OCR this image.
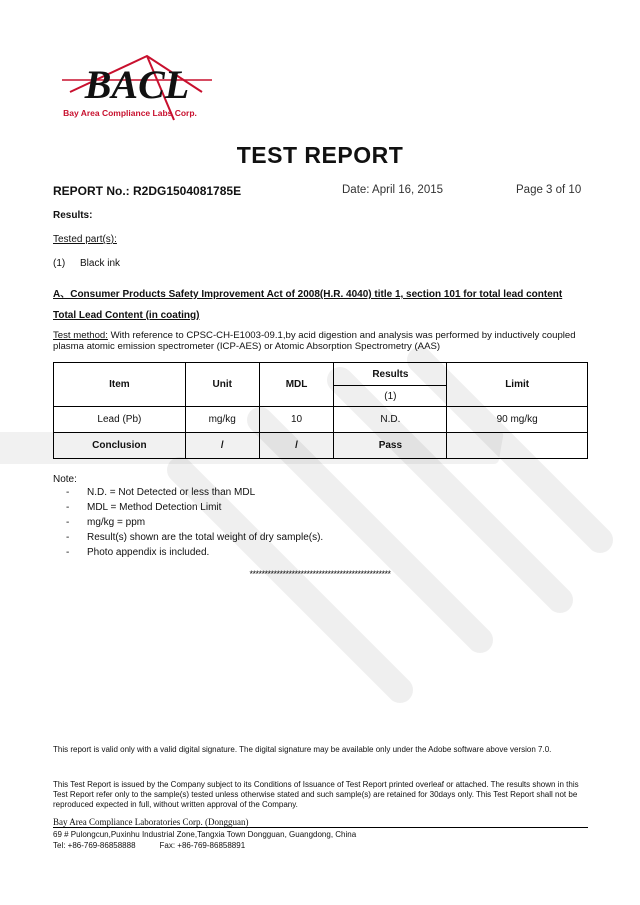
BACL
Bay Area Compliance Labs Corp.
TEST REPORT
REPORT No.: R2DG1504081785E	Date: April 16, 2015	Page 3 of 10
Results:
Tested part(s):
(1) Black ink
A、Consumer Products Safety Improvement Act of 2008(H.R. 4040) title 1, section 101 for total lead content
Total Lead Content (in coating)
Test method: With reference to CPSC-CH-E1003-09.1,by acid digestion and analysis was performed by inductively coupled plasma atomic emission spectrometer (ICP-AES) or Atomic Absorption Spectrometry (AAS)
Item	Unit	MDL	Results	Limit
			(1)	
Lead (Pb)	mg/kg	10	N.D.	90 mg/kg
Conclusion	/	/	Pass	
Note:
- N.D. = Not Detected or less than MDL
- MDL = Method Detection Limit
- mg/kg = ppm
- Result(s) shown are the total weight of dry sample(s).
- Photo appendix is included.
***********************************************
This report is valid only with a valid digital signature. The digital signature may be available only under the Adobe software above version 7.0.
This Test Report is issued by the Company subject to its Conditions of Issuance of Test Report printed overleaf or attached. The results shown in this Test Report refer only to the sample(s) tested unless otherwise stated and such sample(s) are retained for 30days only. This Test Report shall not be reproduced expected in full, without written approval of the Company.
Bay Area Compliance Laboratories Corp. (Dongguan)
69 # Pulongcun,Puxinhu Industrial Zone,Tangxia Town Dongguan, Guangdong, China
Tel: +86-769-86858888	Fax: +86-769-86858891
